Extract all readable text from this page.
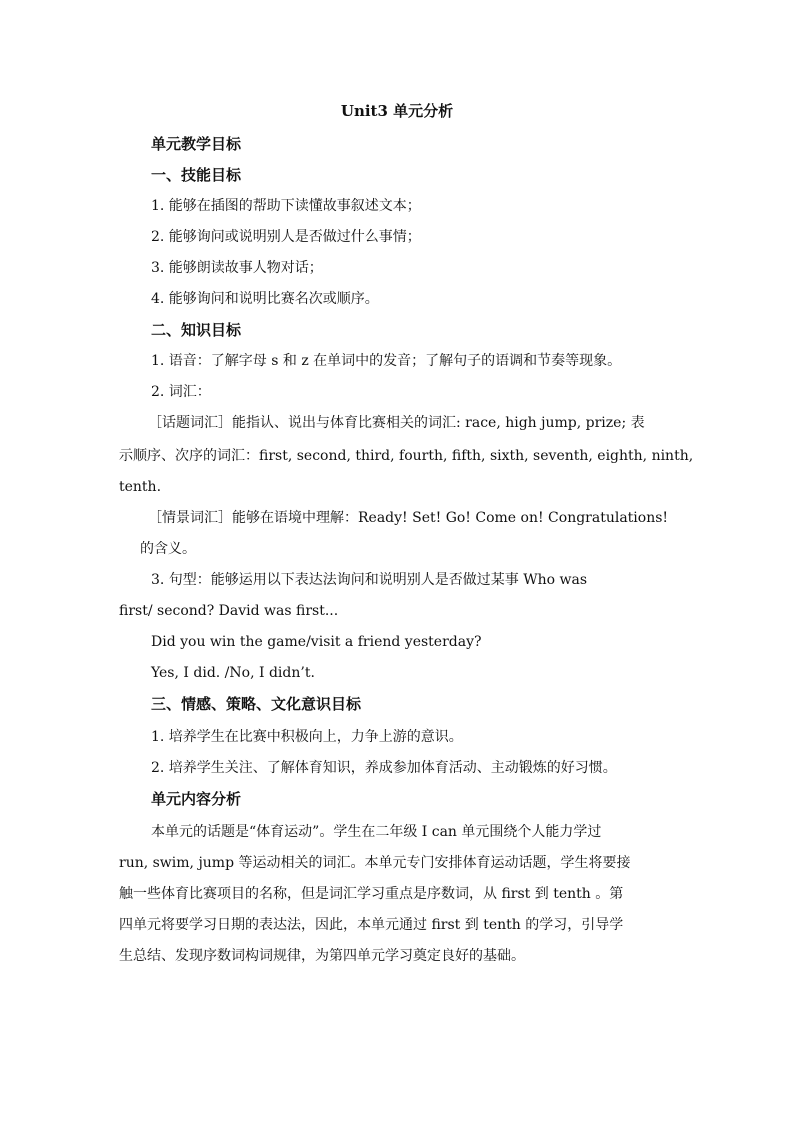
Unit3 单元分析
单元教学目标
一、技能目标
1. 能够在插图的帮助下读懂故事叙述文本；
2. 能够询问或说明别人是否做过什么事情；
3. 能够朗读故事人物对话；
4. 能够询问和说明比赛名次或顺序。
二、知识目标
1. 语音：了解字母 s 和 z 在单词中的发音；了解句子的语调和节奏等现象。
2. 词汇：
［话题词汇］能指认、说出与体育比赛相关的词汇: race, high jump, prize; 表
示顺序、次序的词汇：first, second, third, fourth, fifth, sixth, seventh, eighth, ninth,
tenth.
［情景词汇］能够在语境中理解：Ready! Set! Go! Come on! Congratulations!
的含义。
3. 句型：能够运用以下表达法询问和说明别人是否做过某事 Who was
first/ second? David was first...
Did you win the game/visit a friend yesterday?
Yes, I did. /No, I didn’t.
三、情感、策略、文化意识目标
1. 培养学生在比赛中积极向上，力争上游的意识。
2. 培养学生关注、了解体育知识，养成参加体育活动、主动锻炼的好习惯。
单元内容分析
本单元的话题是“体育运动”。学生在二年级 I can 单元围绕个人能力学过
run, swim, jump 等运动相关的词汇。本单元专门安排体育运动话题，学生将要接
触一些体育比赛项目的名称，但是词汇学习重点是序数词，从 first 到 tenth 。第
四单元将要学习日期的表达法，因此，本单元通过 first 到 tenth 的学习，引导学
生总结、发现序数词构词规律，为第四单元学习奠定良好的基础。
